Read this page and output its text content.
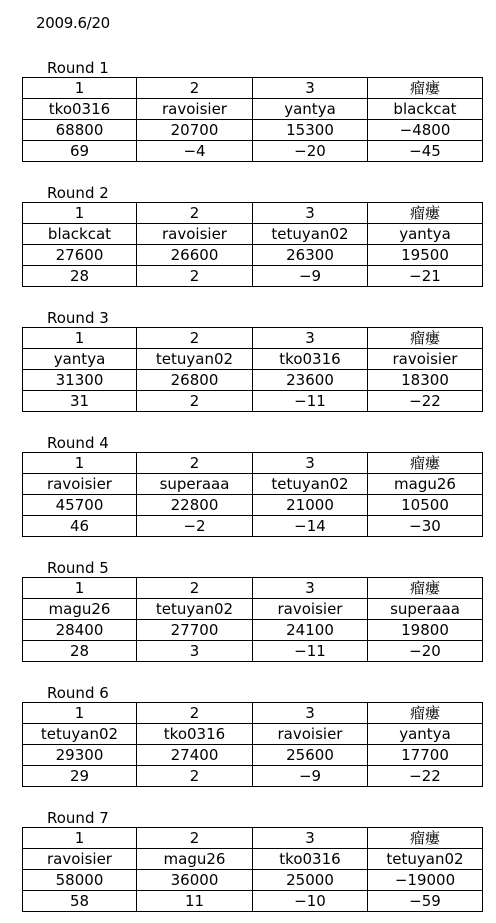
2009.6/20
Round 1
1	2	3	瘤瘻
tko0316	ravoisier	yantya	blackcat
68800	20700	15300	−4800
69	−4	−20	−45
Round 2
1	2	3	瘤瘻
blackcat	ravoisier	tetuyan02	yantya
27600	26600	26300	19500
28	2	−9	−21
Round 3
1	2	3	瘤瘻
yantya	tetuyan02	tko0316	ravoisier
31300	26800	23600	18300
31	2	−11	−22
Round 4
1	2	3	瘤瘻
ravoisier	superaaa	tetuyan02	magu26
45700	22800	21000	10500
46	−2	−14	−30
Round 5
1	2	3	瘤瘻
magu26	tetuyan02	ravoisier	superaaa
28400	27700	24100	19800
28	3	−11	−20
Round 6
1	2	3	瘤瘻
tetuyan02	tko0316	ravoisier	yantya
29300	27400	25600	17700
29	2	−9	−22
Round 7
1	2	3	瘤瘻
ravoisier	magu26	tko0316	tetuyan02
58000	36000	25000	−19000
58	11	−10	−59
